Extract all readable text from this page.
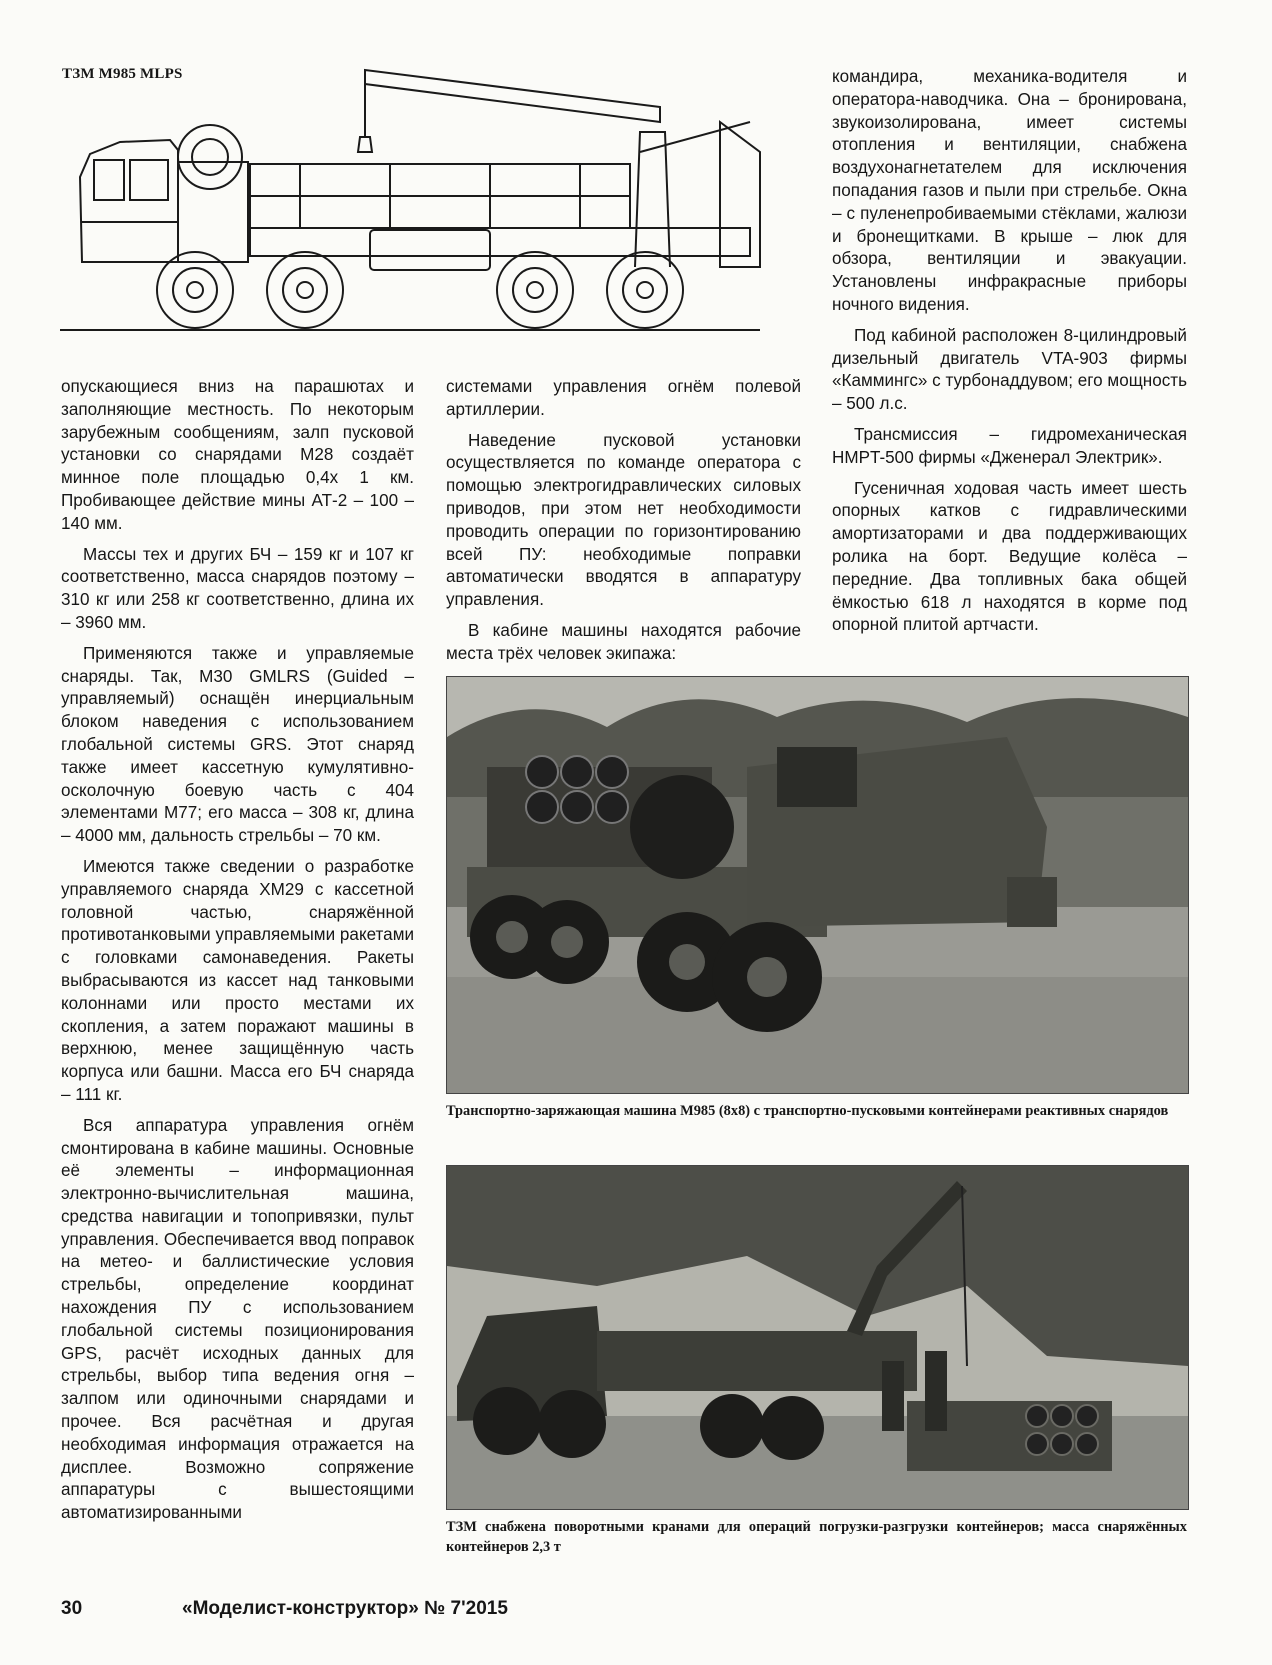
ТЗМ M985 MLPS

опускающиеся вниз на парашютах и заполняющие местность. По некоторым зарубежным сообщениям, залп пусковой установки со снарядами М28 создаёт минное поле площадью 0,4х 1 км. Пробивающее действие мины АТ-2 – 100 – 140 мм.

Массы тех и других БЧ – 159 кг и 107 кг соответственно, масса снарядов поэтому – 310 кг или 258 кг соответственно, длина их – 3960 мм.

Применяются также и управляемые снаряды. Так, М30 GMLRS (Guided – управляемый) оснащён инерциальным блоком наведения с использованием глобальной системы GRS. Этот снаряд также имеет кассетную кумулятивно-осколочную боевую часть с 404 элементами М77; его масса – 308 кг, длина – 4000 мм, дальность стрельбы – 70 км.

Имеются также сведении о разработке управляемого снаряда XM29 с кассетной головной частью, снаряжённой противотанковыми управляемыми ракетами с головками самонаведения. Ракеты выбрасываются из кассет над танковыми колоннами или просто местами их скопления, а затем поражают машины в верхнюю, менее защищённую часть корпуса или башни. Масса его БЧ снаряда – 111 кг.

Вся аппаратура управления огнём смонтирована в кабине машины. Основные её элементы – информационная электронно-вычислительная машина, средства навигации и топопривязки, пульт управления. Обеспечивается ввод поправок на метео- и баллистические условия стрельбы, определение координат нахождения ПУ с использованием глобальной системы позиционирования GPS, расчёт исходных данных для стрельбы, выбор типа ведения огня – залпом или одиночными снарядами и прочее. Вся расчётная и другая необходимая информация отражается на дисплее. Возможно сопряжение аппаратуры с вышестоящими автоматизированными

системами управления огнём полевой артиллерии.

Наведение пусковой установки осуществляется по команде оператора с помощью электрогидравлических силовых приводов, при этом нет необходимости проводить операции по горизонтированию всей ПУ: необходимые поправки автоматически вводятся в аппаратуру управления.

В кабине машины находятся рабочие места трёх человек экипажа:

командира, механика-водителя и оператора-наводчика. Она – бронирована, звукоизолирована, имеет системы отопления и вентиляции, снабжена воздухонагнетателем для исключения попадания газов и пыли при стрельбе. Окна – с пуленепробиваемыми стёклами, жалюзи и бронещитками. В крыше – люк для обзора, вентиляции и эвакуации. Установлены инфракрасные приборы ночного видения.

Под кабиной расположен 8-цилиндровый дизельный двигатель VTA-903 фирмы «Каммингс» с турбонаддувом; его мощность – 500 л.с.

Трансмиссия – гидромеханическая HMPT-500 фирмы «Дженерал Электрик».

Гусеничная ходовая часть имеет шесть опорных катков с гидравлическими амортизаторами и два поддерживающих ролика на борт. Ведущие колёса – передние. Два топливных бака общей ёмкостью 618 л находятся в корме под опорной плитой артчасти.

Транспортно-заряжающая машина М985 (8х8) с транспортно-пусковыми контейнерами реактивных снарядов
ТЗМ снабжена поворотными кранами для операций погрузки-разгрузки контейнеров; масса снаряжённых контейнеров 2,3 т
30	«Моделист-конструктор» № 7'2015
